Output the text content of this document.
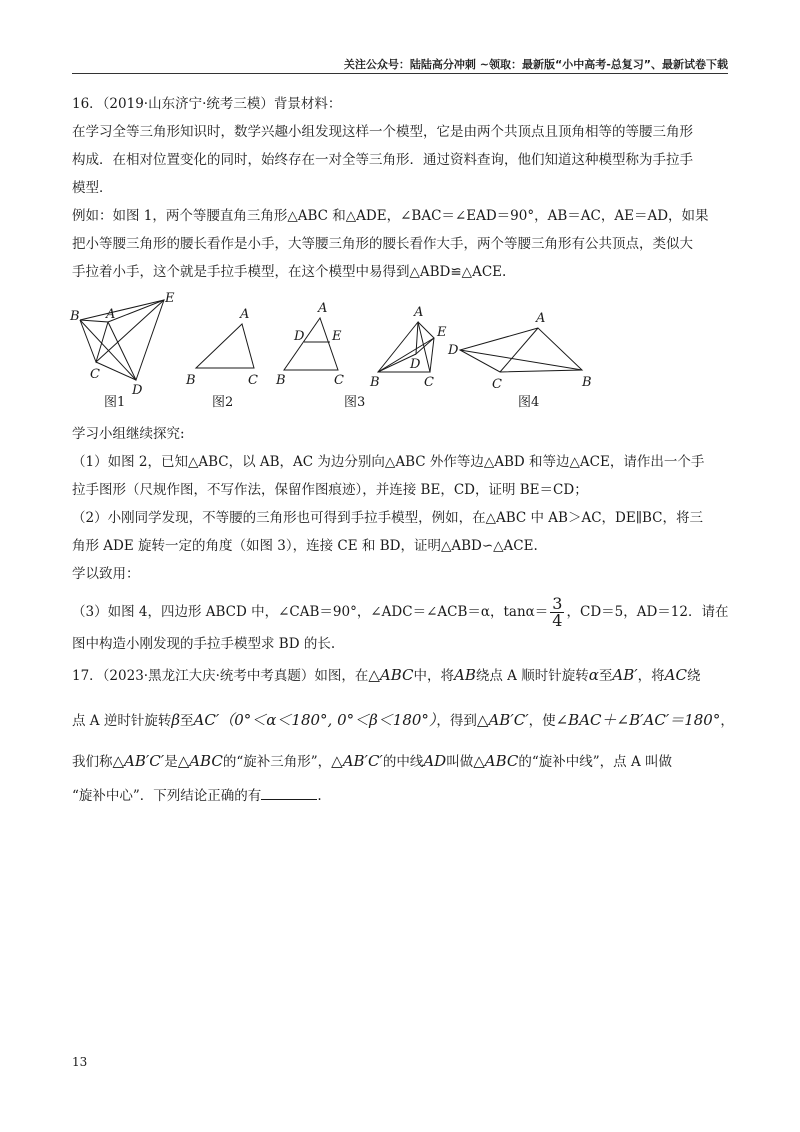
关注公众号：陆陆高分冲刺 ~领取：最新版“小中高考-总复习”、最新试卷下载

16．（2019·山东济宁·统考三模）背景材料：

在学习全等三角形知识时，数学兴趣小组发现这样一个模型，它是由两个共顶点且顶角相等的等腰三角形

构成．在相对位置变化的同时，始终存在一对全等三角形．通过资料查询，他们知道这种模型称为手拉手

模型．

例如：如图 1，两个等腰直角三角形△ABC 和△ADE，∠BAC＝∠EAD＝90°，AB＝AC，AE＝AD，如果

把小等腰三角形的腰长看作是小手，大等腰三角形的腰长看作大手，两个等腰三角形有公共顶点，类似大

手拉着小手，这个就是手拉手模型，在这个模型中易得到△ABD≌△ACE.

B A
E
C
D
图1
A
B	C
图2
A
D E
B	C
图3
A
E
D
B	C
A
D
C	B
图4

学习小组继续探究:

（1）如图 2，已知△ABC，以 AB，AC 为边分别向△ABC 外作等边△ABD 和等边△ACE，请作出一个手

拉手图形（尺规作图，不写作法，保留作图痕迹），并连接 BE，CD，证明 BE＝CD；

（2）小刚同学发现，不等腰的三角形也可得到手拉手模型，例如，在△ABC 中 AB＞AC，DE∥BC，将三

角形 ADE 旋转一定的角度（如图 3），连接 CE 和 BD，证明△ABD∽△ACE.

学以致用：

（3）如图 4，四边形 ABCD 中，∠CAB＝90°，∠ADC＝∠ACB＝α，$\tan\alpha= \frac{3}{4}$ ，CD＝5，AD＝12．请在

图中构造小刚发现的手拉手模型求 BD 的长.

17．（2023·黑龙江大庆·统考中考真题）如图，在△ABC中，将AB绕点 A 顺时针旋转α至AB′，将AC绕

点 A 逆时针旋转β至AC′（0°＜α＜180°, 0°＜β＜180°），得到△AB′C′，使∠BAC＋∠B′AC′＝180°，

我们称△AB′C′是△ABC的“旋补三角形”，△AB′C′的中线AD叫做△ABC的“旋补中线”，点 A 叫做

“旋补中心”．下列结论正确的有	.

13
